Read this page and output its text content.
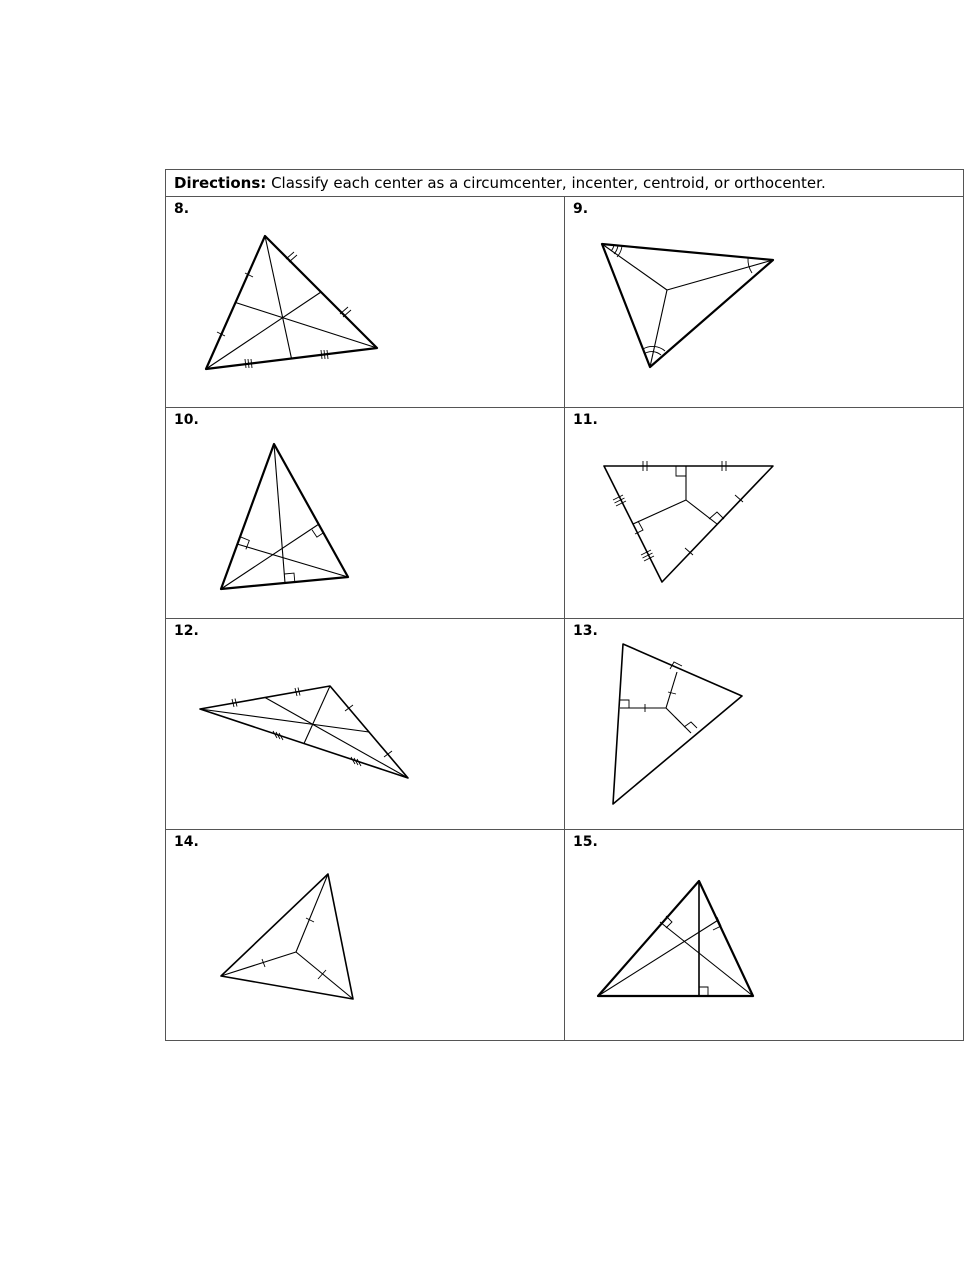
Directions: Classify each center as a circumcenter, incenter, centroid, or orthocenter.
8.	9.
10.	11.
12.	13.
14.	15.
